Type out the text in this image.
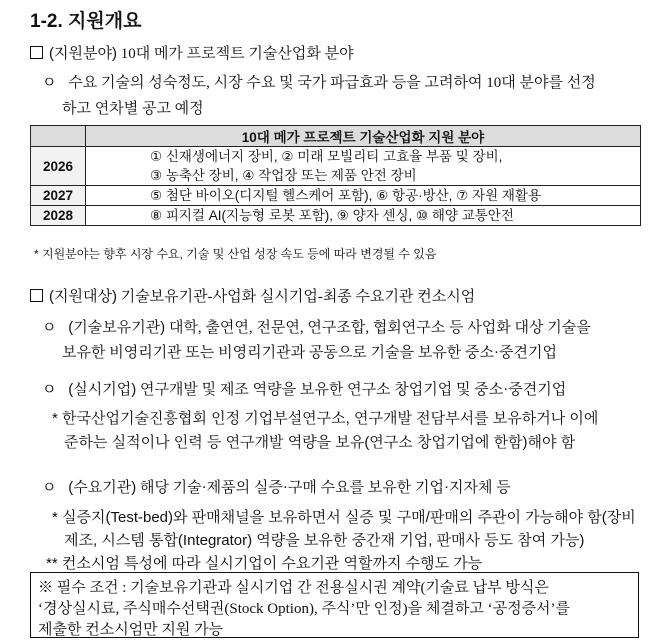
1-2. 지원개요
(지원분야) 10대 메가 프로젝트 기술산업화 분야
ㅇ 수요 기술의 성숙정도, 시장 수요 및 국가 파급효과 등을 고려하여 10대 분야를 선정
하고 연차별 공고 예정
	10대 메가 프로젝트 기술산업화 지원 분야
2026	① 신재생에너지 장비, ② 미래 모빌리티 고효율 부품 및 장비,
③ 농축산 장비, ④ 작업장 또는 제품 안전 장비

2027	⑤ 첨단 바이오(디지털 헬스케어 포함), ⑥ 항공·방산, ⑦ 자원 재활용
2028	⑧ 피지컬 AI(지능형 로봇 포함), ⑨ 양자 센싱, ⑩ 해양 교통안전
* 지원분야는 향후 시장 수요, 기술 및 산업 성장 속도 등에 따라 변경될 수 있음
(지원대상) 기술보유기관-사업화 실시기업-최종 수요기관 컨소시엄
ㅇ (기술보유기관) 대학, 출연연, 전문연, 연구조합, 협회연구소 등 사업화 대상 기술을
보유한 비영리기관 또는 비영리기관과 공동으로 기술을 보유한 중소·중견기업
ㅇ (실시기업) 연구개발 및 제조 역량을 보유한 연구소 창업기업 및 중소·중견기업
* 한국산업기술진흥협회 인정 기업부설연구소, 연구개발 전담부서를 보유하거나 이에
준하는 실적이나 인력 등 연구개발 역량을 보유(연구소 창업기업에 한함)해야 함
ㅇ (수요기관) 해당 기술·제품의 실증·구매 수요를 보유한 기업·지자체 등
* 실증지(Test-bed)와 판매채널을 보유하면서 실증 및 구매/판매의 주관이 가능해야 함(장비
제조, 시스템 통합(Integrator) 역량을 보유한 중간재 기업, 판매사 등도 참여 가능)
** 컨소시엄 특성에 따라 실시기업이 수요기관 역할까지 수행도 가능
※ 필수 조건 : 기술보유기관과 실시기업 간 전용실시권 계약(기술료 납부 방식은
‘경상실시료, 주식매수선택권(Stock Option), 주식’만 인정)을 체결하고 ‘공정증서’를
제출한 컨소시엄만 지원 가능
